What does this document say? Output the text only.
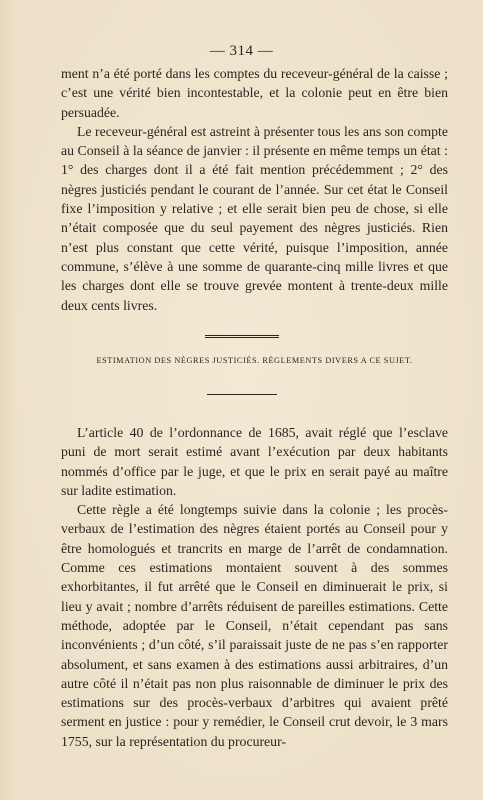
— 314 —

ment n’a été porté dans les comptes du receveur-général de la caisse ; c’est une vérité bien incontestable, et la colonie peut en être bien persuadée.

Le receveur-général est astreint à présenter tous les ans son compte au Conseil à la séance de janvier : il présente en même temps un état : 1° des charges dont il a été fait mention précédemment ; 2° des nègres justiciés pendant le courant de l’année. Sur cet état le Conseil fixe l’imposition y relative ; et elle serait bien peu de chose, si elle n’était composée que du seul payement des nègres justiciés. Rien n’est plus constant que cette vérité, puisque l’imposition, année commune, s’élève à une somme de quarante-cinq mille livres et que les charges dont elle se trouve grevée montent à trente-deux mille deux cents livres.

ESTIMATION DES NÈGRES JUSTICIÉS. RÈGLEMENTS DIVERS A CE SUJET.

L’article 40 de l’ordonnance de 1685, avait réglé que l’esclave puni de mort serait estimé avant l’exécution par deux habitants nommés d’office par le juge, et que le prix en serait payé au maître sur ladite estimation.

Cette règle a été longtemps suivie dans la colonie ; les procès-verbaux de l’estimation des nègres étaient portés au Conseil pour y être homologués et trancrits en marge de l’arrêt de condamnation. Comme ces estimations montaient souvent à des sommes exhorbitantes, il fut arrêté que le Conseil en diminuerait le prix, si lieu y avait ; nombre d’arrêts réduisent de pareilles estimations. Cette méthode, adoptée par le Conseil, n’était cependant pas sans inconvénients ; d’un côté, s’il paraissait juste de ne pas s’en rapporter absolument, et sans examen à des estimations aussi arbitraires, d’un autre côté il n’était pas non plus raisonnable de diminuer le prix des estimations sur des procès-verbaux d’arbitres qui avaient prêté serment en justice : pour y remédier, le Conseil crut devoir, le 3 mars 1755, sur la représentation du procureur-
